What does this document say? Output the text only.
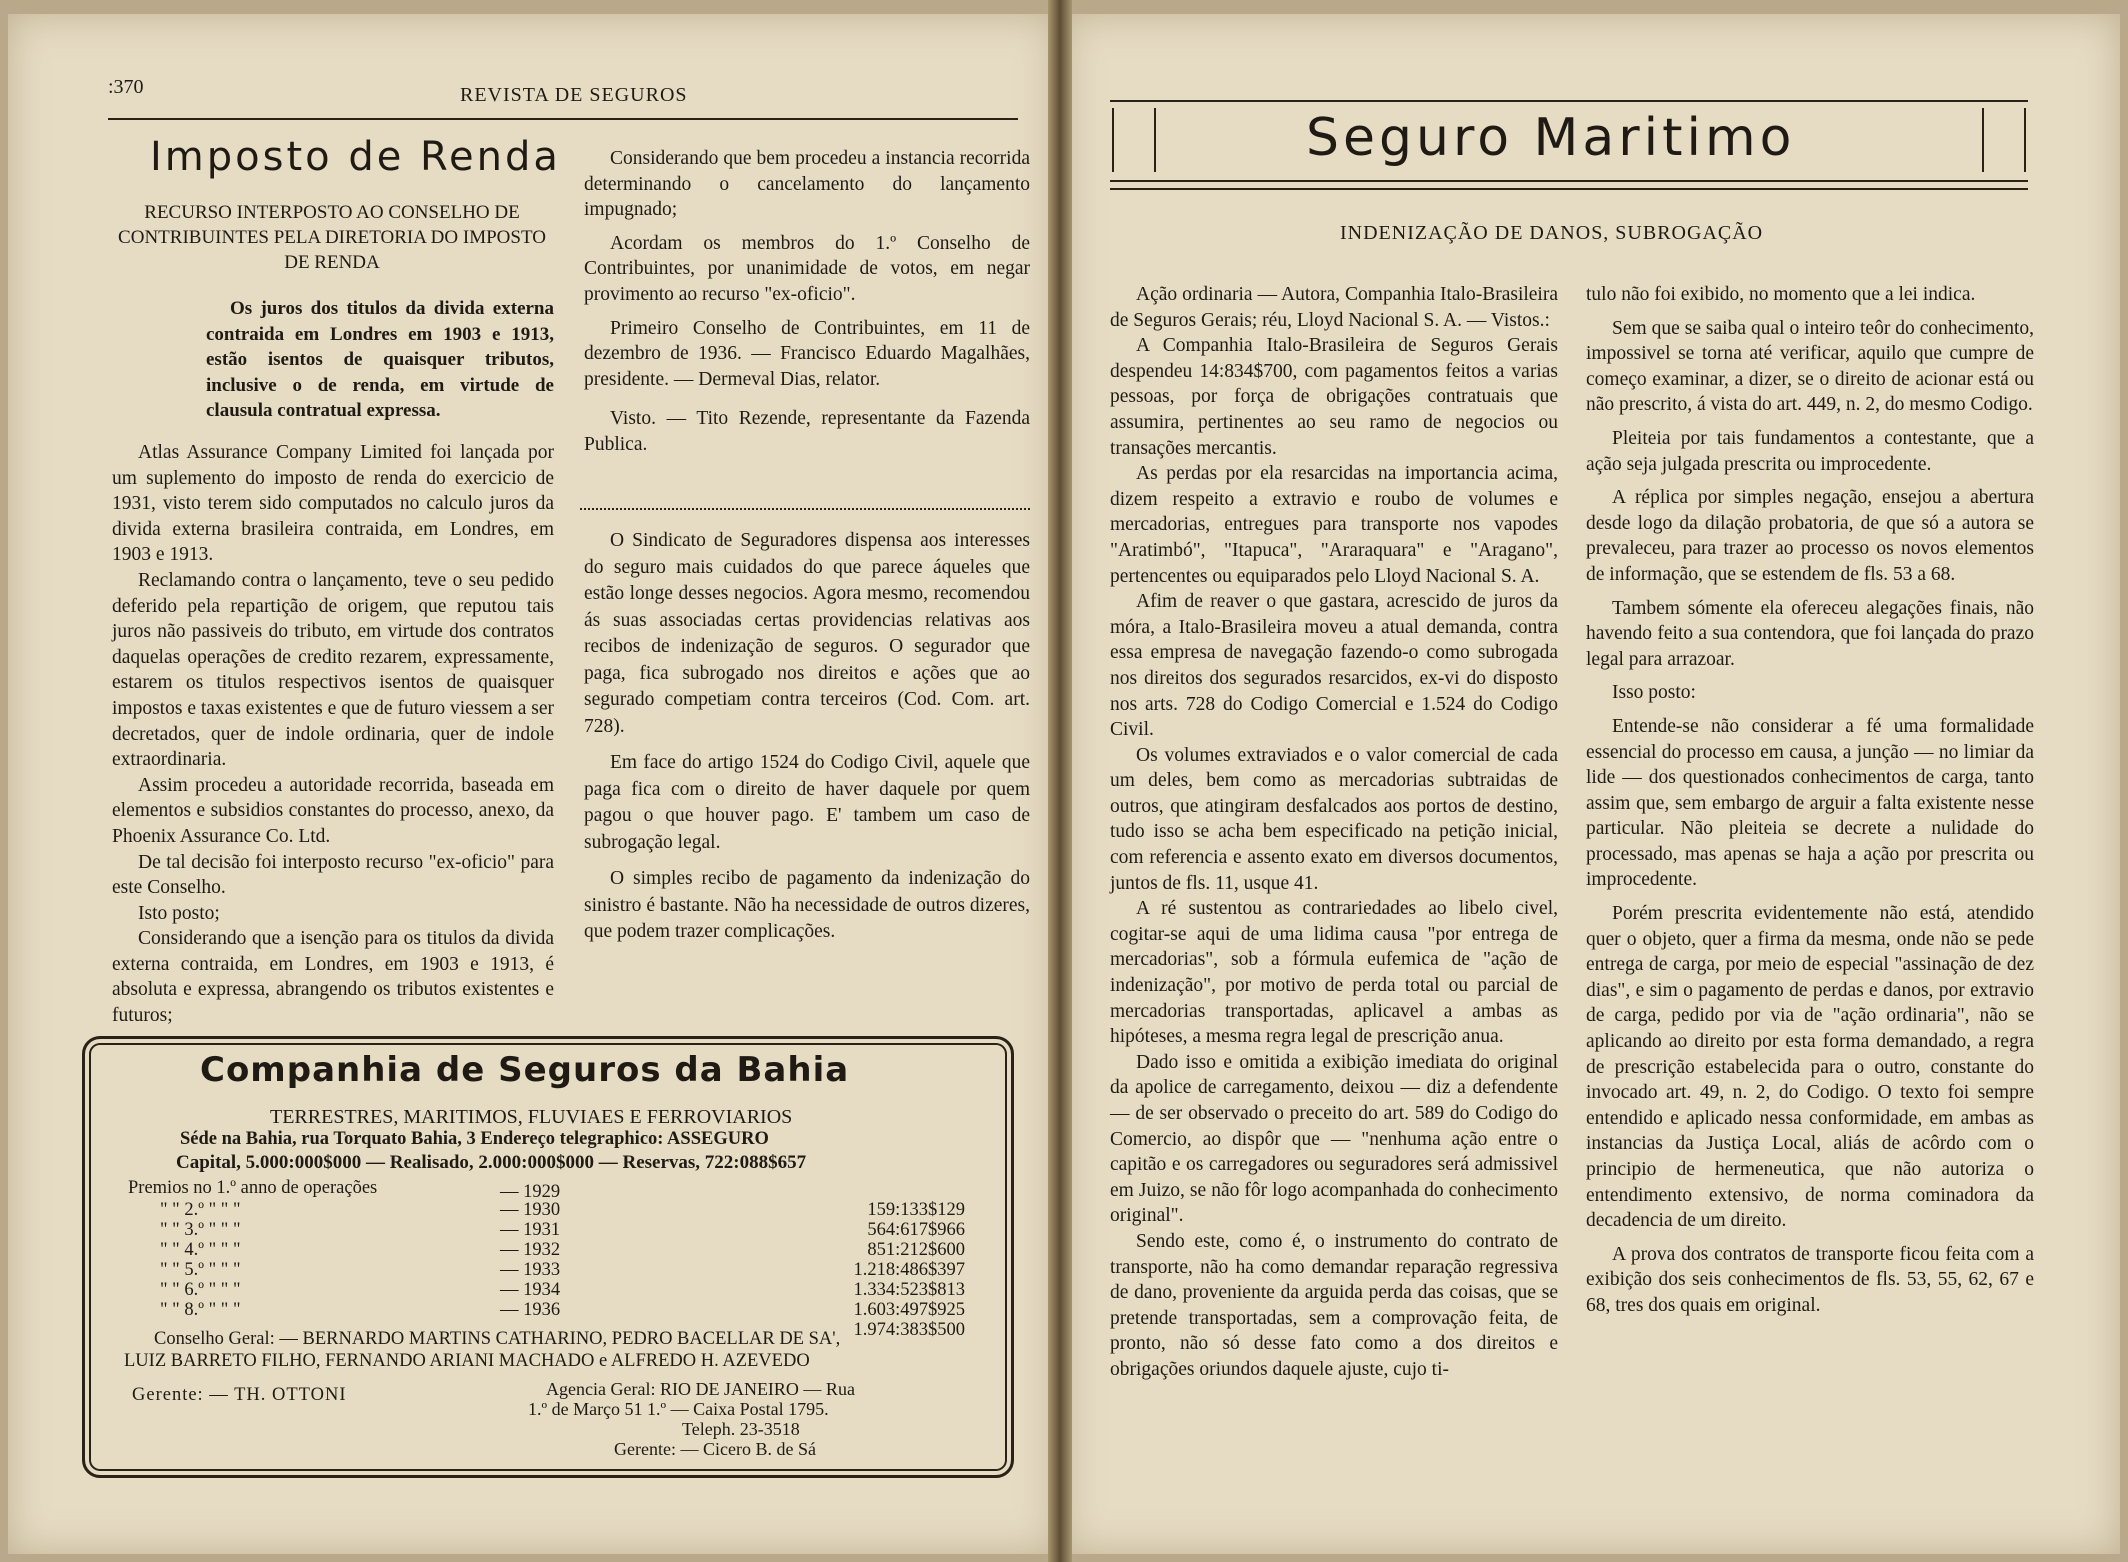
:370	REVISTA DE SEGUROS
Imposto de Renda

RECURSO INTERPOSTO AO CONSELHO DE CONTRIBUINTES PELA DIRETORIA DO IMPOSTO DE RENDA

Os juros dos titulos da divida externa contraida em Londres em 1903 e 1913, estão isentos de quaisquer tributos, inclusive o de renda, em virtude de clausula contratual expressa.

Atlas Assurance Company Limited foi lançada por um suplemento do imposto de renda do exercicio de 1931, visto terem sido computados no calculo juros da divida externa brasileira contraida, em Londres, em 1903 e 1913.

Reclamando contra o lançamento, teve o seu pedido deferido pela repartição de origem, que reputou tais juros não passiveis do tributo, em virtude dos contratos daquelas operações de credito rezarem, expressamente, estarem os titulos respectivos isentos de quaisquer impostos e taxas existentes e que de futuro viessem a ser decretados, quer de indole ordinaria, quer de indole extraordinaria.

Assim procedeu a autoridade recorrida, baseada em elementos e subsidios constantes do processo, anexo, da Phoenix Assurance Co. Ltd.

De tal decisão foi interposto recurso "ex-oficio" para este Conselho.

Isto posto;

Considerando que a isenção para os titulos da divida externa contraida, em Londres, em 1903 e 1913, é absoluta e expressa, abrangendo os tributos existentes e futuros;

Considerando que bem procedeu a instancia recorrida determinando o cancelamento do lançamento impugnado;

Acordam os membros do 1.º Conselho de Contribuintes, por unanimidade de votos, em negar provimento ao recurso "ex-oficio".

Primeiro Conselho de Contribuintes, em 11 de dezembro de 1936. — Francisco Eduardo Magalhães, presidente. — Dermeval Dias, relator.

Visto. — Tito Rezende, representante da Fazenda Publica.

O Sindicato de Seguradores dispensa aos interesses do seguro mais cuidados do que parece áqueles que estão longe desses negocios. Agora mesmo, recomendou ás suas associadas certas providencias relativas aos recibos de indenização de seguros. O segurador que paga, fica subrogado nos direitos e ações que ao segurado competiam contra terceiros (Cod. Com. art. 728).

Em face do artigo 1524 do Codigo Civil, aquele que paga fica com o direito de haver daquele por quem pagou o que houver pago. E' tambem um caso de subrogação legal.

O simples recibo de pagamento da indenização do sinistro é bastante. Não ha necessidade de outros dizeres, que podem trazer complicações.

Companhia de Seguros da Bahia
TERRESTRES, MARITIMOS, FLUVIAES E FERROVIARIOS
Séde na Bahia, rua Torquato Bahia, 3 Endereço telegraphico: ASSEGURO
Capital, 5.000:000$000 — Realisado, 2.000:000$000 — Reservas, 722:088$657
Premios no 1.º anno de operações	— 1929
" " 2.º " " "	— 1930	159:133$129
" " 3.º " " "	— 1931	564:617$966
" " 4.º " " "	— 1932	851:212$600
" " 5.º " " "	— 1933	1.218:486$397
" " 6.º " " "	— 1934	1.334:523$813
" " 8.º " " "	— 1936	1.603:497$925
1.974:383$500
Conselho Geral: — BERNARDO MARTINS CATHARINO, PEDRO BACELLAR DE SA',
LUIZ BARRETO FILHO, FERNANDO ARIANI MACHADO e ALFREDO H. AZEVEDO
Gerente: — TH. OTTONI	Agencia Geral: RIO DE JANEIRO — Rua
1.º de Março 51 1.º — Caixa Postal 1795.
Teleph. 23-3518
Gerente: — Cicero B. de Sá
Seguro Maritimo

INDENIZAÇÃO DE DANOS, SUBROGAÇÃO

Ação ordinaria — Autora, Companhia Italo-Brasileira de Seguros Gerais; réu, Lloyd Nacional S. A. — Vistos.:

A Companhia Italo-Brasileira de Seguros Gerais despendeu 14:834$700, com pagamentos feitos a varias pessoas, por força de obrigações contratuais que assumira, pertinentes ao seu ramo de negocios ou transações mercantis.

As perdas por ela resarcidas na importancia acima, dizem respeito a extravio e roubo de volumes e mercadorias, entregues para transporte nos vapodes "Aratimbó", "Itapuca", "Araraquara" e "Aragano", pertencentes ou equiparados pelo Lloyd Nacional S. A.

Afim de reaver o que gastara, acrescido de juros da móra, a Italo-Brasileira moveu a atual demanda, contra essa empresa de navegação fazendo-o como subrogada nos direitos dos segurados resarcidos, ex-vi do disposto nos arts. 728 do Codigo Comercial e 1.524 do Codigo Civil.

Os volumes extraviados e o valor comercial de cada um deles, bem como as mercadorias subtraidas de outros, que atingiram desfalcados aos portos de destino, tudo isso se acha bem especificado na petição inicial, com referencia e assento exato em diversos documentos, juntos de fls. 11, usque 41.

A ré sustentou as contrariedades ao libelo civel, cogitar-se aqui de uma lidima causa "por entrega de mercadorias", sob a fórmula eufemica de "ação de indenização", por motivo de perda total ou parcial de mercadorias transportadas, aplicavel a ambas as hipóteses, a mesma regra legal de prescrição anua.

Dado isso e omitida a exibição imediata do original da apolice de carregamento, deixou — diz a defendente — de ser observado o preceito do art. 589 do Codigo do Comercio, ao dispôr que — "nenhuma ação entre o capitão e os carregadores ou seguradores será admissivel em Juizo, se não fôr logo acompanhada do conhecimento original".

Sendo este, como é, o instrumento do contrato de transporte, não ha como demandar reparação regressiva de dano, proveniente da arguida perda das coisas, que se pretende transportadas, sem a comprovação feita, de pronto, não só desse fato como a dos direitos e obrigações oriundos daquele ajuste, cujo ti-

tulo não foi exibido, no momento que a lei indica.

Sem que se saiba qual o inteiro teôr do conhecimento, impossivel se torna até verificar, aquilo que cumpre de começo examinar, a dizer, se o direito de acionar está ou não prescrito, á vista do art. 449, n. 2, do mesmo Codigo.

Pleiteia por tais fundamentos a contestante, que a ação seja julgada prescrita ou improcedente.

A réplica por simples negação, ensejou a abertura desde logo da dilação probatoria, de que só a autora se prevaleceu, para trazer ao processo os novos elementos de informação, que se estendem de fls. 53 a 68.

Tambem sómente ela ofereceu alegações finais, não havendo feito a sua contendora, que foi lançada do prazo legal para arrazoar.

Isso posto:

Entende-se não considerar a fé uma formalidade essencial do processo em causa, a junção — no limiar da lide — dos questionados conhecimentos de carga, tanto assim que, sem embargo de arguir a falta existente nesse particular. Não pleiteia se decrete a nulidade do processado, mas apenas se haja a ação por prescrita ou improcedente.

Porém prescrita evidentemente não está, atendido quer o objeto, quer a firma da mesma, onde não se pede entrega de carga, por meio de especial "assinação de dez dias", e sim o pagamento de perdas e danos, por extravio de carga, pedido por via de "ação ordinaria", não se aplicando ao direito por esta forma demandado, a regra de prescrição estabelecida para o outro, constante do invocado art. 49, n. 2, do Codigo. O texto foi sempre entendido e aplicado nessa conformidade, em ambas as instancias da Justiça Local, aliás de acôrdo com o principio de hermeneutica, que não autoriza o entendimento extensivo, de norma cominadora da decadencia de um direito.

A prova dos contratos de transporte ficou feita com a exibição dos seis conhecimentos de fls. 53, 55, 62, 67 e 68, tres dos quais em original.
